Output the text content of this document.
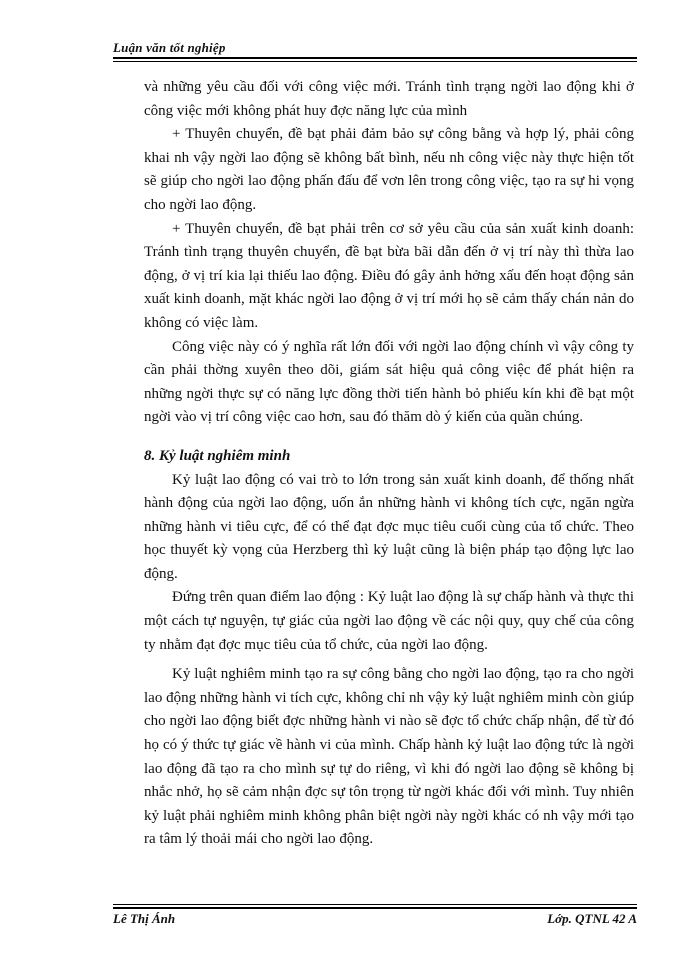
Luận văn tốt nghiệp

và những yêu cầu đối với công việc mới. Tránh tình trạng ngời lao động khi ở công việc mới không phát huy đợc năng lực của mình

+ Thuyên chuyển, đề bạt phải đảm bảo sự công bằng và hợp lý, phải công khai nh vậy ngời lao động sẽ không bất bình, nếu nh công việc này thực hiện tốt sẽ giúp cho ngời lao động phấn đấu để vơn lên trong công việc, tạo ra sự hi vọng cho ngời lao động.

+ Thuyên chuyển, đề bạt phải trên cơ sở yêu cầu của sản xuất kinh doanh: Tránh tình trạng thuyên chuyển, đề bạt bừa bãi dẫn đến ở vị trí này thì thừa lao động, ở vị trí kia lại thiếu lao động. Điều đó gây ảnh hởng xấu đến hoạt động sản xuất kinh doanh, mặt khác ngời lao động ở vị trí mới họ sẽ cảm thấy chán nản do không có việc làm.

Công việc này có ý nghĩa rất lớn đối với ngời lao động chính vì vậy công ty cần phải thờng xuyên theo dõi, giám sát hiệu quả công việc để phát hiện ra những ngời thực sự có năng lực đồng thời tiến hành bỏ phiếu kín khi đề bạt một ngời vào vị trí công việc cao hơn, sau đó thăm dò ý kiến của quần chúng.

8. Kỷ luật nghiêm minh

Kỷ luật lao động có vai trò to lớn trong sản xuất kinh doanh, để thống nhất hành động của ngời lao động, uốn ắn những hành vi không tích cực, ngăn ngừa những hành vi tiêu cực, để có thể đạt đợc mục tiêu cuối cùng của tổ chức. Theo học thuyết kỳ vọng của Herzberg thì kỷ luật cũng là biện pháp tạo động lực lao động.

Đứng trên quan điểm lao động : Kỷ luật lao động là sự chấp hành và thực thi một cách tự nguyện, tự giác của ngời lao động về các nội quy, quy chế của công ty nhằm đạt đợc mục tiêu của tổ chức, của ngời lao động.

Kỷ luật nghiêm minh tạo ra sự công bằng cho ngời lao động, tạo ra cho ngời lao động những hành vi tích cực, không chỉ nh vậy kỷ luật nghiêm minh còn giúp cho ngời lao động biết đợc những hành vi nào sẽ đợc tổ chức chấp nhận, để từ đó họ có ý thức tự giác về hành vi của mình. Chấp hành kỷ luật lao động tức là ngời lao động đã tạo ra cho mình sự tự do riêng, vì khi đó ngời lao động sẽ không bị nhắc nhở, họ sẽ cảm nhận đợc sự tôn trọng từ ngời khác đối với mình. Tuy nhiên kỷ luật phải nghiêm minh không phân biệt ngời này ngời khác có nh vậy mới tạo ra tâm lý thoải mái cho ngời lao động.

Lê Thị Ánh	Lớp. QTNL 42 A
